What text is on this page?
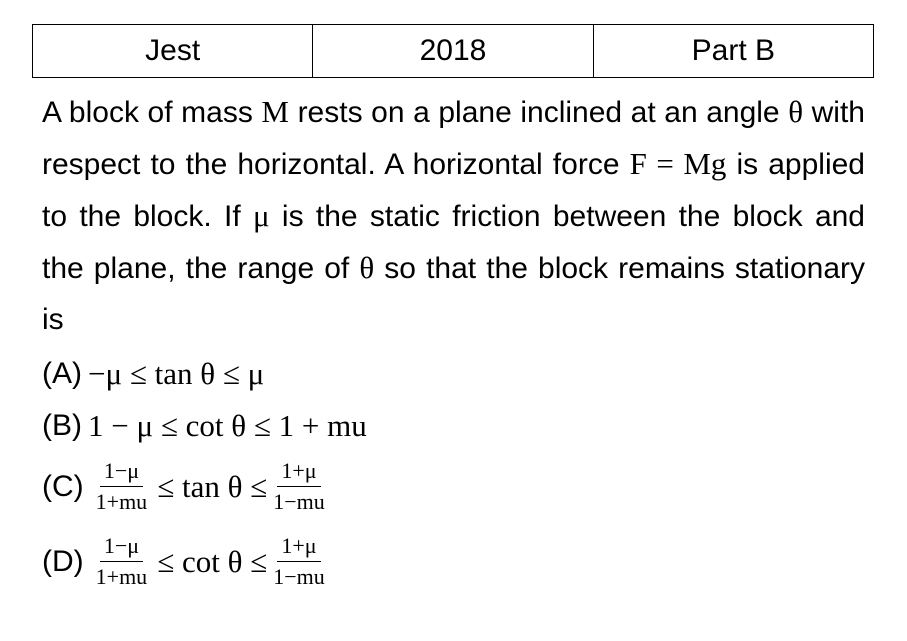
Jest	2018	Part B
A block of mass M rests on a plane inclined at an angle θ with respect to the horizontal. A horizontal force F = Mg is applied to the block. If μ is the static friction between the block and the plane, the range of θ so that the block remains stationary is
(A) −μ ≤ tan θ ≤ μ
(B) 1 − μ ≤ cot θ ≤ 1 + mu
$(C) \frac{1-\mu}{1+mu} \le \tan \theta \le \frac{1+\mu}{1-mu}$
$(D) \frac{1-\mu}{1+mu} \le \cot \theta \le \frac{1+\mu}{1-mu}$
